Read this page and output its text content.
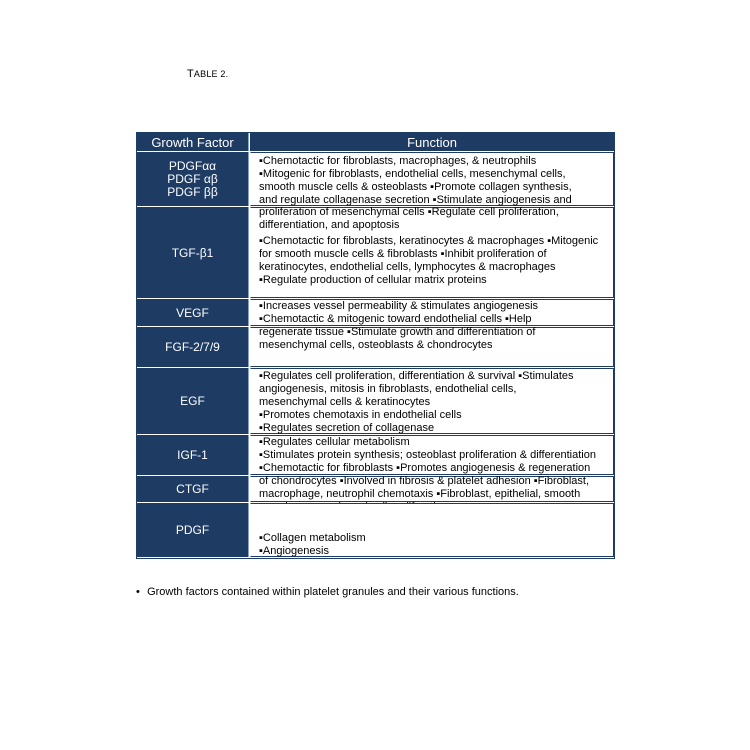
TABLE 2.
Growth Factor	Function
PDGFαα
PDGF αβ
PDGF ββ
▪Chemotactic for fibroblasts, macrophages, & neutrophils
▪Mitogenic for fibroblasts, endothelial cells, mesenchymal cells,
smooth muscle cells & osteoblasts ▪Promote collagen synthesis,
and regulate collagenase secretion ▪Stimulate angiogenesis and
TGF-β1
proliferation of mesenchymal cells ▪Regulate cell proliferation,
differentiation, and apoptosis
▪Chemotactic for fibroblasts, keratinocytes & macrophages ▪Mitogenic
for smooth muscle cells & fibroblasts ▪Inhibit proliferation of
keratinocytes, endothelial cells, lymphocytes & macrophages
▪Regulate production of cellular matrix proteins
VEGF	▪Increases vessel permeability & stimulates angiogenesis
▪Chemotactic & mitogenic toward endothelial cells ▪Help
FGF-2/7/9
regenerate tissue ▪Stimulate growth and differentiation of
mesenchymal cells, osteoblasts & chondrocytes
EGF
▪Regulates cell proliferation, differentiation & survival ▪Stimulates
angiogenesis, mitosis in fibroblasts, endothelial cells,
mesenchymal cells & keratinocytes
▪Promotes chemotaxis in endothelial cells
▪Regulates secretion of collagenase
IGF-1
▪Regulates cellular metabolism
▪Stimulates protein synthesis; osteoblast proliferation & differentiation
▪Chemotactic for fibroblasts ▪Promotes angiogenesis & regeneration
CTGF
of chondrocytes ▪Involved in fibrosis & platelet adhesion ▪Fibroblast,
macrophage, neutrophil chemotaxis ▪Fibroblast, epithelial, smooth
PDGF
▪Collagen metabolism
▪Angiogenesis
• Growth factors contained within platelet granules and their various functions.
